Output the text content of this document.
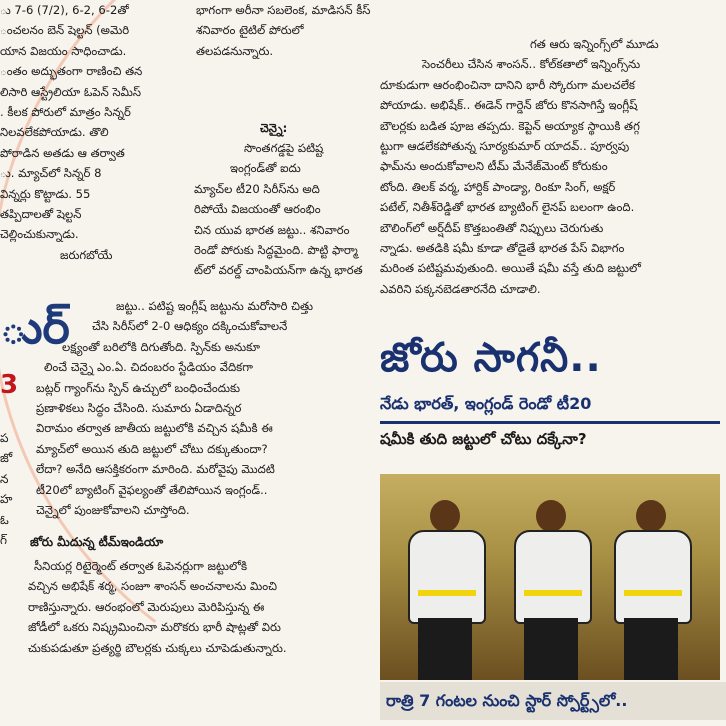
ు 7-6 (7/2), 6-2, 6-2తో
ంచలనం బెన్ షెల్టన్ (అమెరి
యాన విజయం సాధించాడు.
ంతం అద్భుతంగా రాణించి తన
లిసారి ఆస్ట్రేలియా ఓపెన్ సెమీస్
. కీలక పోరులో మాత్రం సిన్నర్
నిలవలేకపోయాడు. తొలి
పోరాడిన అతడు ఆ తర్వాత
ు. మ్యాచ్‌లో సిన్నర్ 8
విన్నర్లు కొట్టాడు. 55
తప్పిదాలతో షెల్టన్
చెల్లించుకున్నాడు.
జరుగబోయే
ుర్
3
ప
జో
న
హ
ఓ
గ్
భాగంగా అరీనా సబలెంక, మాడిసన్ కీస్
శనివారం టైటిల్ పోరులో
తలపడనున్నారు.
చెన్నై:
సొంతగడ్డపై పటిష్ట
ఇంగ్లండ్‌తో ఐదు
మ్యాచ్‌ల టీ20 సిరీస్‌ను అది
రిపోయే విజయంతో ఆరంభిం
చిన యువ భారత జట్టు.. శనివారం
రెండో పోరుకు సిద్ధమైంది. పొట్టి ఫార్మా
ట్‌లో వరల్డ్ చాంపియన్‌గా ఉన్న భారత
జట్టు.. పటిష్ట ఇంగ్లీష్ జట్టును మరోసారి చిత్తు
చేసి సిరీస్‌లో 2-0 ఆధిక్యం దక్కించుకోవాలనే
లక్ష్యంతో బరిలోకి దిగుతోంది. స్పిన్‌కు అనుకూ
లించే చెన్నై ఎం.ఏ. చిదంబరం స్టేడియం వేదికగా
బట్లర్ గ్యాంగ్‌ను స్పిన్ ఉచ్చులో బంధించేందుకు
ప్రణాళికలు సిద్ధం చేసింది. సుమారు ఏడాదిన్నర
విరామం తర్వాత జాతీయ జట్టులోకి వచ్చిన షమీకి ఈ
మ్యాచ్‌లో అయిన తుది జట్టులో చోటు దక్కుతుందా?
లేదా? అనేది ఆసక్తికరంగా మారింది. మరోవైపు మొదటి
టీ20లో బ్యాటింగ్ వైఫల్యంతో తేలిపోయిన ఇంగ్లండ్..
చెన్నైలో పుంజుకోవాలని చూస్తోంది.
జోరు మీదున్న టీమ్‌ఇండియా
సీనియర్ల రిటైర్మెంట్ తర్వాత ఓపెనర్లుగా జట్టులోకి
వచ్చిన అభిషేక్ శర్మ, సంజూ శాంసన్ అంచనాలను మించి
రాణిస్తున్నారు. ఆరంభంలో మెరుపులు మెరిపిస్తున్న ఈ
జోడీలో ఒకరు నిష్క్రమించినా మరొకరు భారీ షాట్లతో విరు
చుకుపడుతూ ప్రత్యర్థి బౌలర్లకు చుక్కలు చూపెడుతున్నారు.
గత ఆరు ఇన్నింగ్స్‌లో మూడు
సెంచరీలు చేసిన శాంసన్.. కోల్‌కతాలో ఇన్నింగ్స్‌ను
దూకుడుగా ఆరంభించినా దానిని భారీ స్కోరుగా మలచలేక
పోయాడు. అభిషేక్.. ఈడెన్ గార్డెన్ జోరు కొనసాగిస్తే ఇంగ్లీష్
బౌలర్లకు బడిత పూజ తప్పదు. కెప్టెన్ అయ్యాక స్థాయికి తగ్గ
ట్టుగా ఆడలేకపోతున్న సూర్యకుమార్ యాదవ్.. పూర్వపు
ఫామ్‌ను అందుకోవాలని టీమ్ మేనేజ్‌మెంట్ కోరుకుం
టోంది. తిలక్ వర్మ, హార్దిక్ పాండ్యా, రింకూ సింగ్, అక్షర్
పటేల్, నితీశ్‌రెడ్డితో భారత బ్యాటింగ్ లైనప్ బలంగా ఉంది.
బౌలింగ్‌లో అర్ష్‌దీప్ కొత్తబంతితో నిప్పులు చెరుగుతు
న్నాడు. అతడికి షమీ కూడా తోడైతే భారత పేస్ విభాగం
మరింత పటిష్టమవుతుంది. అయితే షమీ వస్తే తుది జట్టులో
ఎవరిని పక్కనబెడతారనేది చూడాలి.
జోరు సాగనీ..
నేడు భారత్, ఇంగ్లండ్ రెండో టీ20
షమీకి తుది జట్టులో చోటు దక్కేనా?
రాత్రి 7 గంటల నుంచి స్టార్ స్పోర్ట్స్‌లో..
